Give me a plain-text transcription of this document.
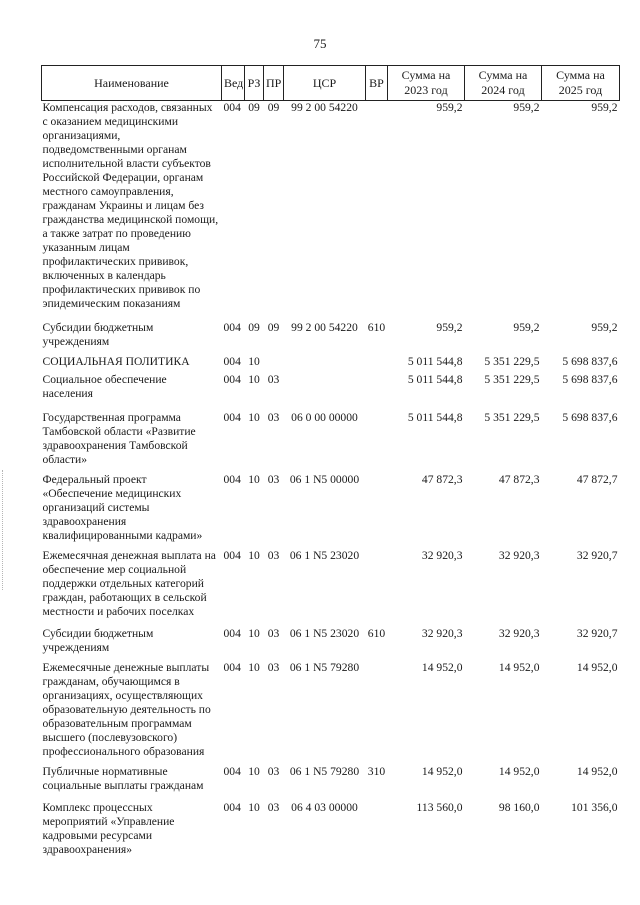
75
Наименование	Вед	РЗ	ПР	ЦСР	ВР	Сумма на 2023 год	Сумма на 2024 год	Сумма на 2025 год
Компенсация расходов, связанных с оказанием медицинскими организациями, подведомственными органам исполнительной власти субъектов Российской Федерации, органам местного самоуправления, гражданам Украины и лицам без гражданства медицинской помощи, а также затрат по проведению указанным лицам профилактических прививок, включенных в календарь профилактических прививок по эпидемическим показаниям	004	09	09	99 2 00 54220		959,2	959,2	959,2
Субсидии бюджетным учреждениям	004	09	09	99 2 00 54220	610	959,2	959,2	959,2
СОЦИАЛЬНАЯ ПОЛИТИКА	004	10				5 011 544,8	5 351 229,5	5 698 837,6
Социальное обеспечение населения	004	10	03			5 011 544,8	5 351 229,5	5 698 837,6
Государственная программа Тамбовской области «Развитие здравоохранения Тамбовской области»	004	10	03	06 0 00 00000		5 011 544,8	5 351 229,5	5 698 837,6
Федеральный проект «Обеспечение медицинских организаций системы здравоохранения квалифицированными кадрами»	004	10	03	06 1 N5 00000		47 872,3	47 872,3	47 872,7
Ежемесячная денежная выплата на обеспечение мер социальной поддержки отдельных категорий граждан, работающих в сельской местности и рабочих поселках	004	10	03	06 1 N5 23020		32 920,3	32 920,3	32 920,7
Субсидии бюджетным учреждениям	004	10	03	06 1 N5 23020	610	32 920,3	32 920,3	32 920,7
Ежемесячные денежные выплаты гражданам, обучающимся в организациях, осуществляющих образовательную деятельность по образовательным программам высшего (послевузовского) профессионального образования	004	10	03	06 1 N5 79280		14 952,0	14 952,0	14 952,0
Публичные нормативные социальные выплаты гражданам	004	10	03	06 1 N5 79280	310	14 952,0	14 952,0	14 952,0
Комплекс процессных мероприятий «Управление кадровыми ресурсами здравоохранения»	004	10	03	06 4 03 00000		113 560,0	98 160,0	101 356,0
